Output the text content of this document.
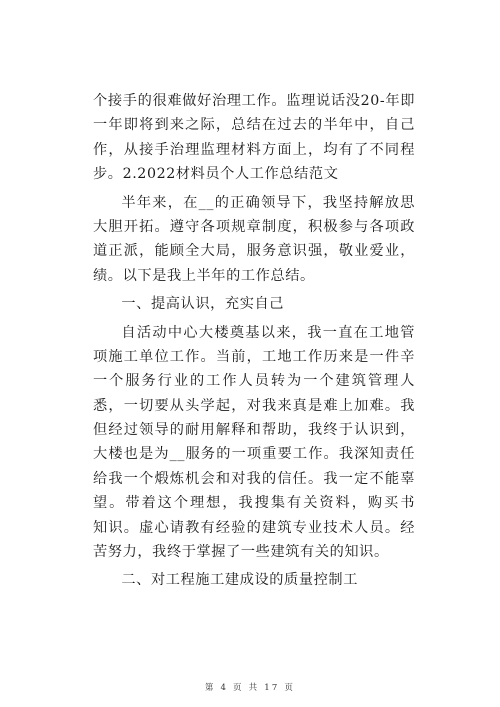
个接手的很难做好治理工作。监理说话没20-年即
一年即将到来之际，总结在过去的半年中，自己
作，从接手治理监理材料方面上，均有了不同程
步。2.2022材料员个人工作总结范文
半年来，在__的正确领导下，我坚持解放思
大胆开拓。遵守各项规章制度，积极参与各项政
道正派，能顾全大局，服务意识强，敬业爱业，
绩。以下是我上半年的工作总结。

一、提高认识，充实自己

自活动中心大楼奠基以来，我一直在工地管
项施工单位工作。当前，工地工作历来是一件辛
一个服务行业的工作人员转为一个建筑管理人
悉，一切要从头学起，对我来真是难上加难。我
但经过领导的耐用解释和帮助，我终于认识到，
大楼也是为__服务的一项重要工作。我深知责任
给我一个煅炼机会和对我的信任。我一定不能辜
望。带着这个理想，我搜集有关资料，购买书
知识。虚心请教有经验的建筑专业技术人员。经
苦努力，我终于掌握了一些建筑有关的知识。

二、对工程施工建成设的质量控制工

第 4 页 共 17 页
